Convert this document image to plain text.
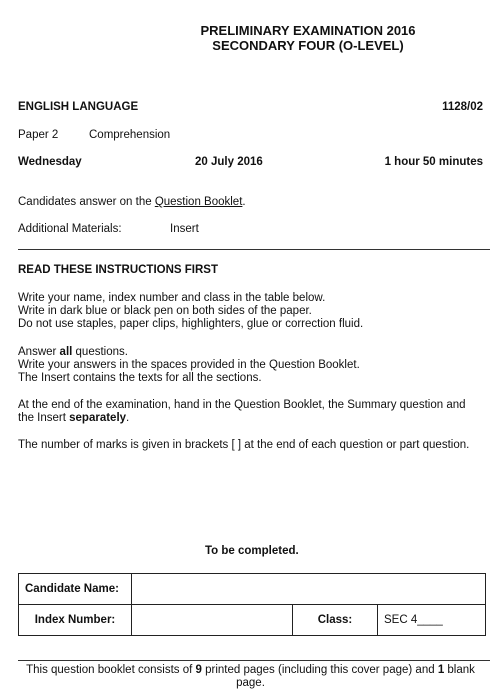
PRELIMINARY EXAMINATION 2016
SECONDARY FOUR (O-LEVEL)
ENGLISH LANGUAGE	1128/02
Paper 2	Comprehension
Wednesday	20 July 2016	1 hour 50 minutes
Candidates answer on the Question Booklet.
Additional Materials:	Insert
READ THESE INSTRUCTIONS FIRST
Write your name, index number and class in the table below.
Write in dark blue or black pen on both sides of the paper.
Do not use staples, paper clips, highlighters, glue or correction fluid.
Answer all questions.
Write your answers in the spaces provided in the Question Booklet.
The Insert contains the texts for all the sections.
At the end of the examination, hand in the Question Booklet, the Summary question and
the Insert separately.
The number of marks is given in brackets [ ] at the end of each question or part question.
To be completed.
Candidate Name:			
Index Number:		Class:	SEC 4____
This question booklet consists of 9 printed pages (including this cover page) and 1 blank
page.
